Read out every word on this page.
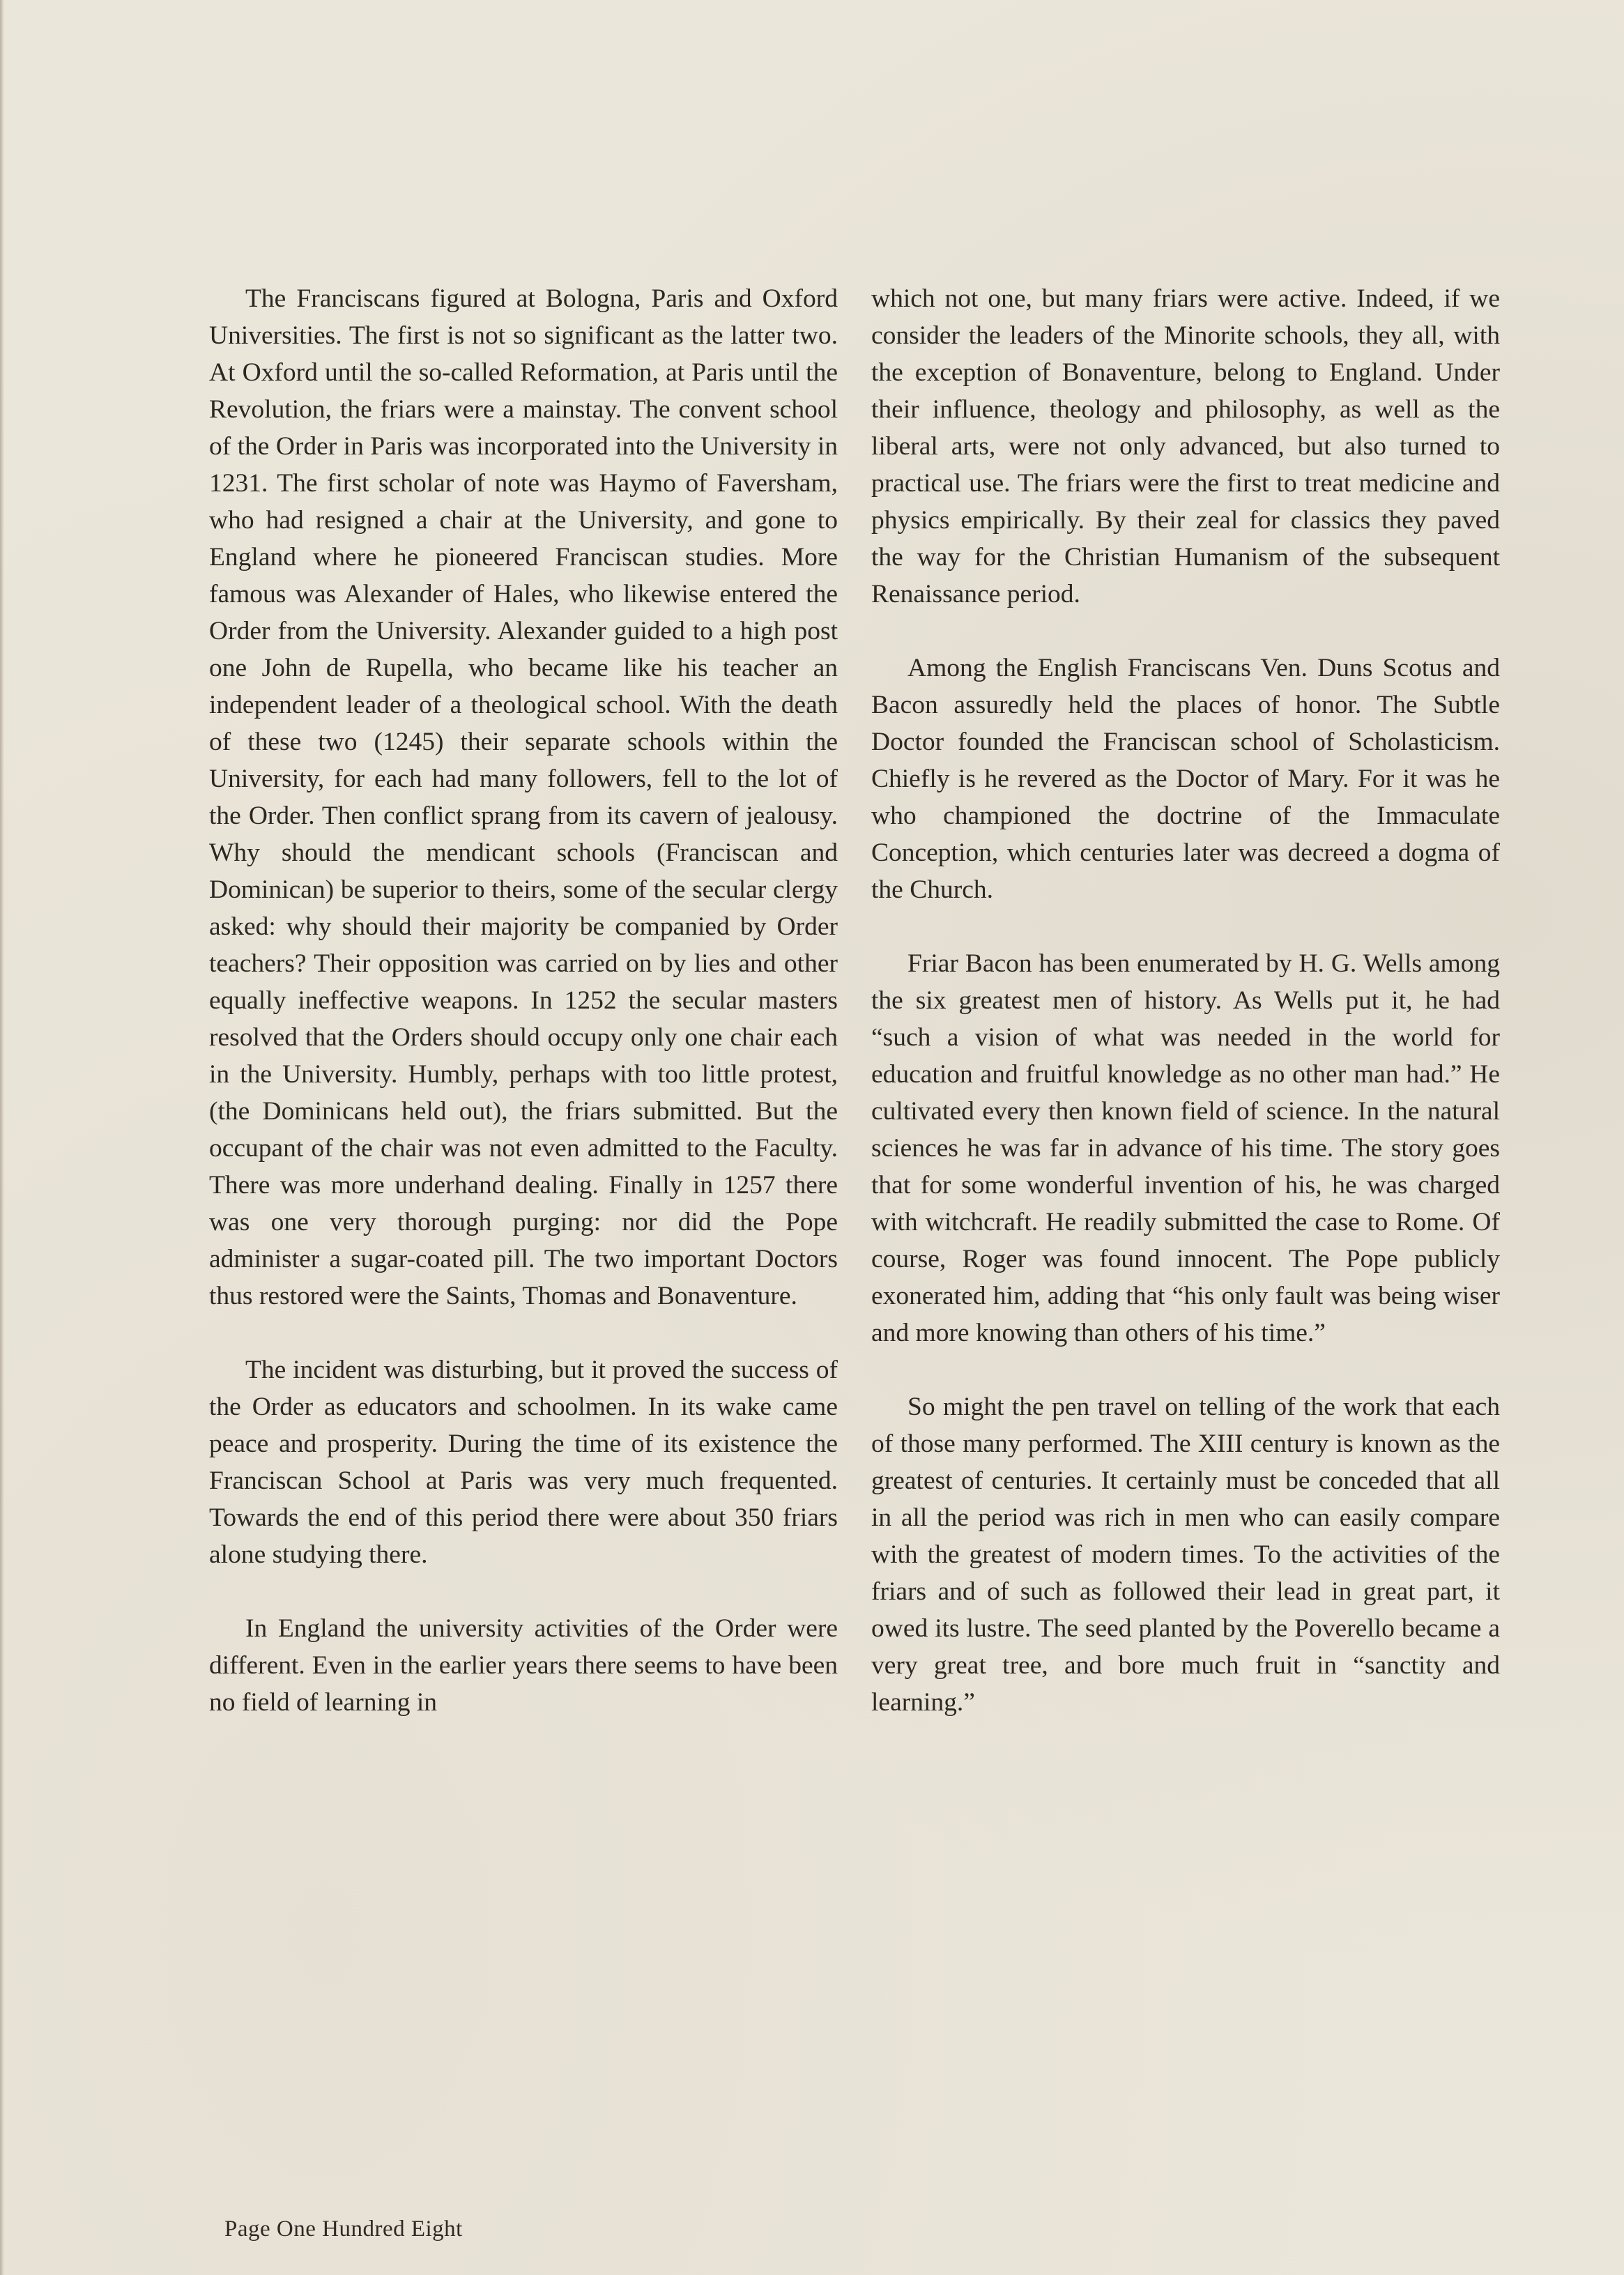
The Franciscans figured at Bologna, Paris and Oxford Universities. The first is not so significant as the latter two. At Oxford until the so-called Reformation, at Paris until the Revolution, the friars were a mainstay. The convent school of the Order in Paris was incorporated into the University in 1231. The first scholar of note was Haymo of Faversham, who had resigned a chair at the University, and gone to England where he pioneered Franciscan studies. More famous was Alexander of Hales, who likewise entered the Order from the University. Alexander guided to a high post one John de Rupella, who became like his teacher an independent leader of a theological school. With the death of these two (1245) their separate schools within the University, for each had many followers, fell to the lot of the Order. Then conflict sprang from its cavern of jealousy. Why should the mendicant schools (Franciscan and Dominican) be superior to theirs, some of the secular clergy asked: why should their majority be companied by Order teachers? Their opposition was carried on by lies and other equally ineffective weapons. In 1252 the secular masters resolved that the Orders should occupy only one chair each in the University. Humbly, perhaps with too little protest, (the Dominicans held out), the friars submitted. But the occupant of the chair was not even admitted to the Faculty. There was more underhand dealing. Finally in 1257 there was one very thorough purging: nor did the Pope administer a sugar-coated pill. The two important Doctors thus restored were the Saints, Thomas and Bonaventure.

The incident was disturbing, but it proved the success of the Order as educators and schoolmen. In its wake came peace and prosperity. During the time of its existence the Franciscan School at Paris was very much frequented. Towards the end of this period there were about 350 friars alone studying there.

In England the university activities of the Order were different. Even in the earlier years there seems to have been no field of learning in

which not one, but many friars were active. Indeed, if we consider the leaders of the Minorite schools, they all, with the exception of Bonaventure, belong to England. Under their influence, theology and philosophy, as well as the liberal arts, were not only advanced, but also turned to practical use. The friars were the first to treat medicine and physics empirically. By their zeal for classics they paved the way for the Christian Humanism of the subsequent Renaissance period.

Among the English Franciscans Ven. Duns Scotus and Bacon assuredly held the places of honor. The Subtle Doctor founded the Franciscan school of Scholasticism. Chiefly is he revered as the Doctor of Mary. For it was he who championed the doctrine of the Immaculate Conception, which centuries later was decreed a dogma of the Church.

Friar Bacon has been enumerated by H. G. Wells among the six greatest men of history. As Wells put it, he had “such a vision of what was needed in the world for education and fruitful knowledge as no other man had.” He cultivated every then known field of science. In the natural sciences he was far in advance of his time. The story goes that for some wonderful invention of his, he was charged with witchcraft. He readily submitted the case to Rome. Of course, Roger was found innocent. The Pope publicly exonerated him, adding that “his only fault was being wiser and more knowing than others of his time.”

So might the pen travel on telling of the work that each of those many performed. The XIII century is known as the greatest of centuries. It certainly must be conceded that all in all the period was rich in men who can easily compare with the greatest of modern times. To the activities of the friars and of such as followed their lead in great part, it owed its lustre. The seed planted by the Poverello became a very great tree, and bore much fruit in “sanctity and learning.”

Page One Hundred Eight
